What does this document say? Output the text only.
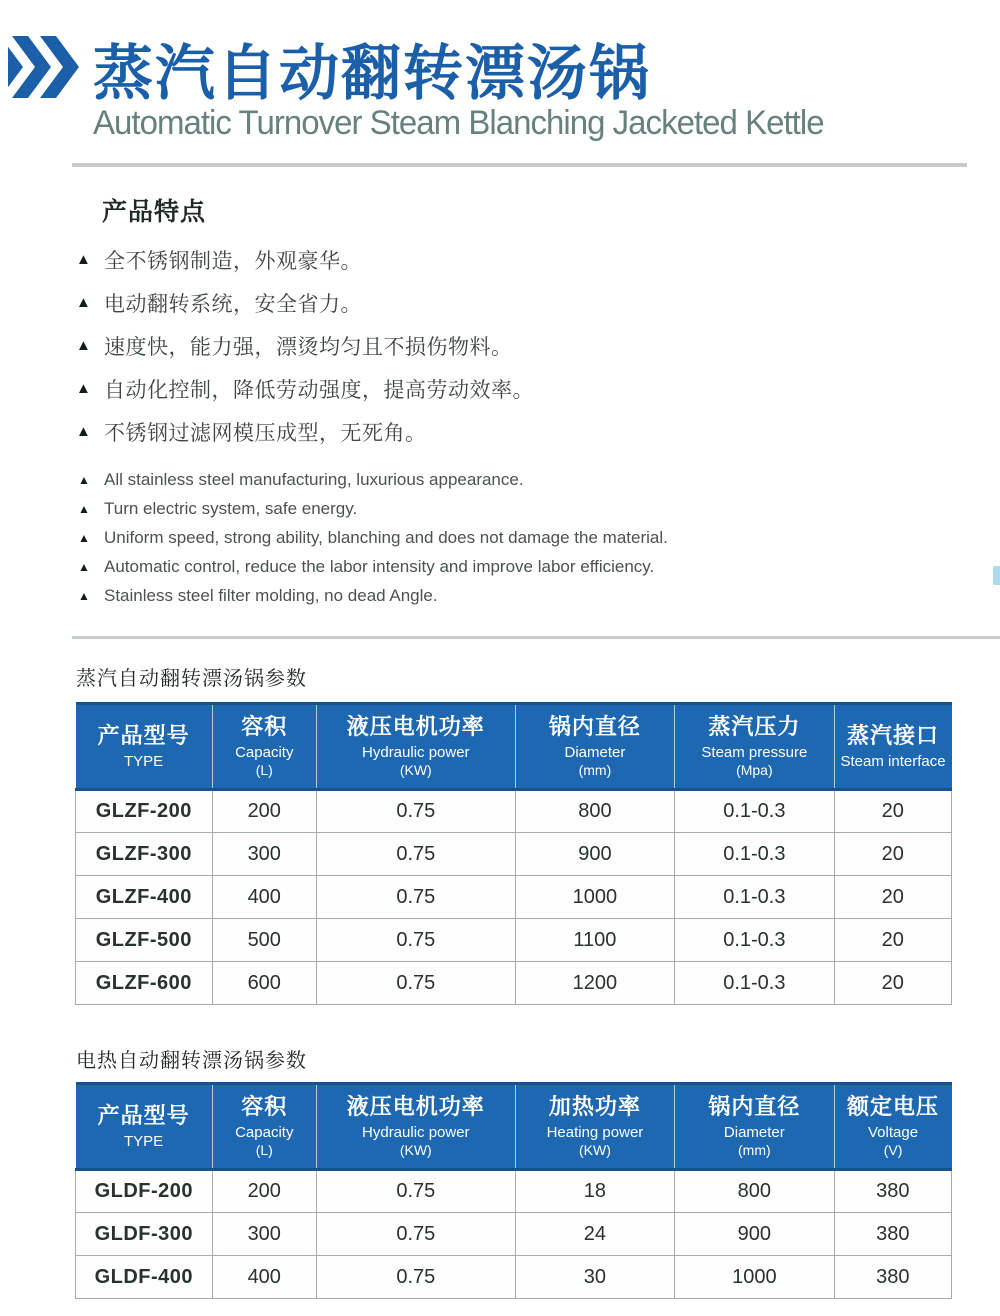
蒸汽自动翻转漂汤锅
Automatic Turnover Steam Blanching Jacketed Kettle
产品特点
▲ 全不锈钢制造，外观豪华。
▲ 电动翻转系统，安全省力。
▲ 速度快，能力强，漂烫均匀且不损伤物料。
▲ 自动化控制，降低劳动强度，提高劳动效率。
▲ 不锈钢过滤网模压成型，无死角。
▲ All stainless steel manufacturing, luxurious appearance.
▲ Turn electric system, safe energy.
▲ Uniform speed, strong ability, blanching and does not damage the material.
▲ Automatic control, reduce the labor intensity and improve labor efficiency.
▲ Stainless steel filter molding, no dead Angle.
蒸汽自动翻转漂汤锅参数
产品型号
TYPE

容积
Capacity
(L)

液压电机功率
Hydraulic power
(KW)

锅内直径
Diameter
(mm)

蒸汽压力
Steam pressure
(Mpa)

蒸汽接口
Steam interface

GLZF-200	200	0.75	800	0.1-0.3	20
GLZF-300	300	0.75	900	0.1-0.3	20
GLZF-400	400	0.75	1000	0.1-0.3	20
GLZF-500	500	0.75	1100	0.1-0.3	20
GLZF-600	600	0.75	1200	0.1-0.3	20
电热自动翻转漂汤锅参数
产品型号
TYPE

容积
Capacity
(L)

液压电机功率
Hydraulic power
(KW)

加热功率
Heating power
(KW)

锅内直径
Diameter
(mm)

额定电压
Voltage
(V)

GLDF-200	200	0.75	18	800	380
GLDF-300	300	0.75	24	900	380
GLDF-400	400	0.75	30	1000	380
